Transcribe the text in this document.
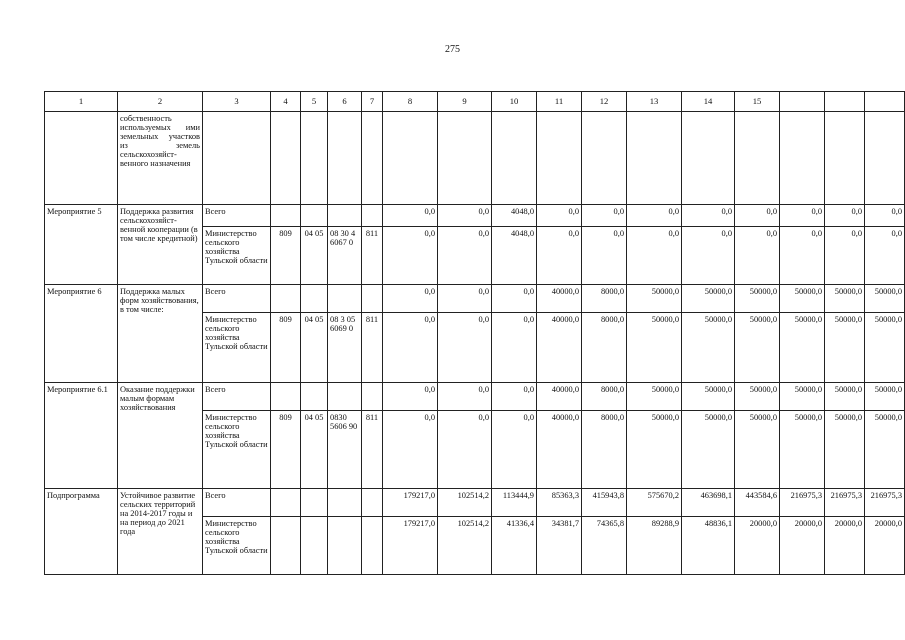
275
1	2	3	4	5	6	7	8	9	10	11	12	13	14	15			
	собственность используемых ими земельных участков из земель сельскохозяйст-венного назначения																
Мероприятие 5	Поддержка развития сельскохозяйст-венной кооперации (в том числе кредитной)	Всего					0,0	0,0	4048,0	0,0	0,0	0,0	0,0	0,0	0,0	0,0	0,0
		Министерство сельского хозяйства Тульской области	809	04 05	08 30 4 6067 0	811	0,0	0,0	4048,0	0,0	0,0	0,0	0,0	0,0	0,0	0,0	0,0
Мероприятие 6	Поддержка малых форм хозяйствования, в том числе:	Всего					0,0	0,0	0,0	40000,0	8000,0	50000,0	50000,0	50000,0	50000,0	50000,0	50000,0
		Министерство сельского хозяйства Тульской области	809	04 05	08 3 05 6069 0	811	0,0	0,0	0,0	40000,0	8000,0	50000,0	50000,0	50000,0	50000,0	50000,0	50000,0
Мероприятие 6.1	Оказание поддержки малым формам хозяйствования	Всего					0,0	0,0	0,0	40000,0	8000,0	50000,0	50000,0	50000,0	50000,0	50000,0	50000,0
		Министерство сельского хозяйства Тульской области	809	04 05	0830 5606 90	811	0,0	0,0	0,0	40000,0	8000,0	50000,0	50000,0	50000,0	50000,0	50000,0	50000,0
Подпрограмма	Устойчивое развитие сельских территорий на 2014-2017 годы и на период до 2021 года	Всего					179217,0	102514,2	113444,9	85363,3	415943,8	575670,2	463698,1	443584,6	216975,3	216975,3	216975,3
		Министерство сельского хозяйства Тульской области					179217,0	102514,2	41336,4	34381,7	74365,8	89288,9	48836,1	20000,0	20000,0	20000,0	20000,0
